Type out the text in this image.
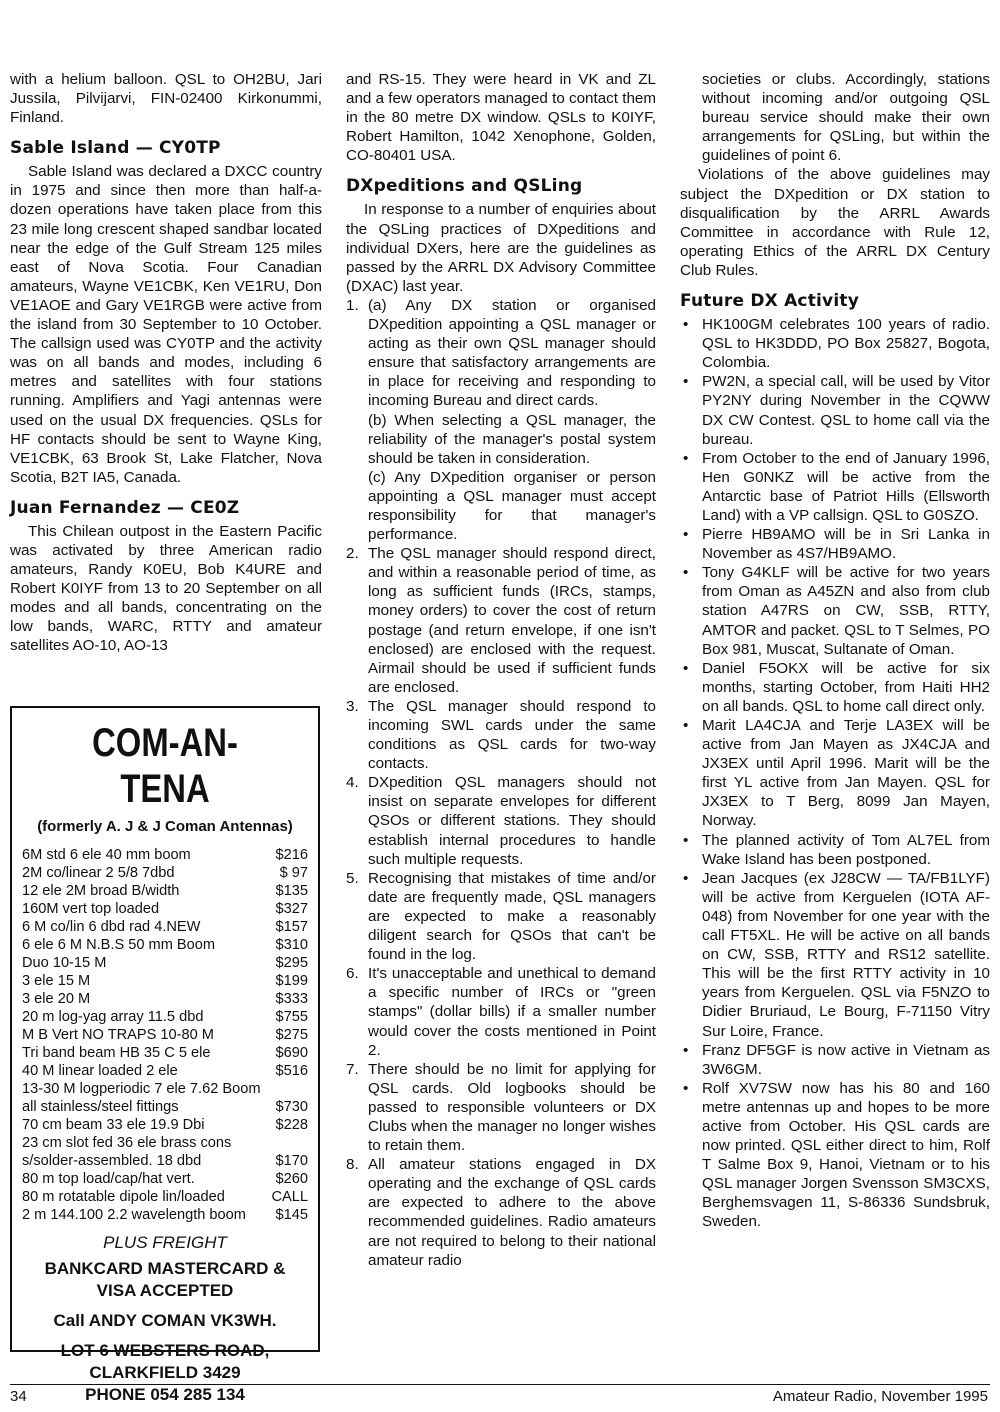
with a helium balloon. QSL to OH2BU, Jari Jussila, Pilvijarvi, FIN-02400 Kirkonummi, Finland.

Sable Island — CY0TP

Sable Island was declared a DXCC country in 1975 and since then more than half-a-dozen operations have taken place from this 23 mile long crescent shaped sandbar located near the edge of the Gulf Stream 125 miles east of Nova Scotia. Four Canadian amateurs, Wayne VE1CBK, Ken VE1RU, Don VE1AOE and Gary VE1RGB were active from the island from 30 September to 10 October. The callsign used was CY0TP and the activity was on all bands and modes, including 6 metres and satellites with four stations running. Amplifiers and Yagi antennas were used on the usual DX frequencies. QSLs for HF contacts should be sent to Wayne King, VE1CBK, 63 Brook St, Lake Flatcher, Nova Scotia, B2T IA5, Canada.

Juan Fernandez — CE0Z

This Chilean outpost in the Eastern Pacific was activated by three American radio amateurs, Randy K0EU, Bob K4URE and Robert K0IYF from 13 to 20 September on all modes and all bands, concentrating on the low bands, WARC, RTTY and amateur satellites AO-10, AO-13

COM-AN-TENA
(formerly A. J & J Coman Antennas)
6M std 6 ele 40 mm boom	$216
2M co/linear 2 5/8 7dbd	$ 97
12 ele 2M broad B/width	$135
160M vert top loaded	$327
6 M co/lin 6 dbd rad 4.NEW	$157
6 ele 6 M N.B.S 50 mm Boom	$310
Duo 10-15 M	$295
3 ele 15 M	$199
3 ele 20 M	$333
20 m log-yag array 11.5 dbd	$755
M B Vert NO TRAPS 10-80 M	$275
Tri band beam HB 35 C 5 ele	$690
40 M linear loaded 2 ele	$516
13-30 M logperiodic 7 ele 7.62 Boom
all stainless/steel fittings	$730
70 cm beam 33 ele 19.9 Dbi	$228
23 cm slot fed 36 ele brass cons
s/solder-assembled. 18 dbd	$170
80 m top load/cap/hat vert.	$260
80 m rotatable dipole lin/loaded	CALL
2 m 144.100 2.2 wavelength boom $145
PLUS FREIGHT
BANKCARD MASTERCARD &
VISA ACCEPTED
Call ANDY COMAN VK3WH.
LOT 6 WEBSTERS ROAD,
CLARKFIELD 3429
PHONE 054 285 134

and RS-15. They were heard in VK and ZL and a few operators managed to contact them in the 80 metre DX window. QSLs to K0IYF, Robert Hamilton, 1042 Xenophone, Golden, CO-80401 USA.

DXpeditions and QSLing

In response to a number of enquiries about the QSLing practices of DXpeditions and individual DXers, here are the guidelines as passed by the ARRL DX Advisory Committee (DXAC) last year.

1. (a) Any DX station or organised DXpedition appointing a QSL manager or acting as their own QSL manager should ensure that satisfactory arrangements are in place for receiving and responding to incoming Bureau and direct cards.

(b) When selecting a QSL manager, the reliability of the manager's postal system should be taken in consideration.

(c) Any DXpedition organiser or person appointing a QSL manager must accept responsibility for that manager's performance.

2. The QSL manager should respond direct, and within a reasonable period of time, as long as sufficient funds (IRCs, stamps, money orders) to cover the cost of return postage (and return envelope, if one isn't enclosed) are enclosed with the request. Airmail should be used if sufficient funds are enclosed.

3. The QSL manager should respond to incoming SWL cards under the same conditions as QSL cards for two-way contacts.

4. DXpedition QSL managers should not insist on separate envelopes for different QSOs or different stations. They should establish internal procedures to handle such multiple requests.

5. Recognising that mistakes of time and/or date are frequently made, QSL managers are expected to make a reasonably diligent search for QSOs that can't be found in the log.

6. It's unacceptable and unethical to demand a specific number of IRCs or "green stamps" (dollar bills) if a smaller number would cover the costs mentioned in Point 2.

7. There should be no limit for applying for QSL cards. Old logbooks should be passed to responsible volunteers or DX Clubs when the manager no longer wishes to retain them.

8. All amateur stations engaged in DX operating and the exchange of QSL cards are expected to adhere to the above recommended guidelines. Radio amateurs are not required to belong to their national amateur radio

societies or clubs. Accordingly, stations without incoming and/or outgoing QSL bureau service should make their own arrangements for QSLing, but within the guidelines of point 6.

Violations of the above guidelines may subject the DXpedition or DX station to disqualification by the ARRL Awards Committee in accordance with Rule 12, operating Ethics of the ARRL DX Century Club Rules.

Future DX Activity
• HK100GM celebrates 100 years of radio. QSL to HK3DDD, PO Box 25827, Bogota, Colombia.
• PW2N, a special call, will be used by Vitor PY2NY during November in the CQWW DX CW Contest. QSL to home call via the bureau.
• From October to the end of January 1996, Hen G0NKZ will be active from the Antarctic base of Patriot Hills (Ellsworth Land) with a VP callsign. QSL to G0SZO.
• Pierre HB9AMO will be in Sri Lanka in November as 4S7/HB9AMO.
• Tony G4KLF will be active for two years from Oman as A45ZN and also from club station A47RS on CW, SSB, RTTY, AMTOR and packet. QSL to T Selmes, PO Box 981, Muscat, Sultanate of Oman.
• Daniel F5OKX will be active for six months, starting October, from Haiti HH2 on all bands. QSL to home call direct only.
• Marit LA4CJA and Terje LA3EX will be active from Jan Mayen as JX4CJA and JX3EX until April 1996. Marit will be the first YL active from Jan Mayen. QSL for JX3EX to T Berg, 8099 Jan Mayen, Norway.
• The planned activity of Tom AL7EL from Wake Island has been postponed.
• Jean Jacques (ex J28CW — TA/FB1LYF) will be active from Kerguelen (IOTA AF-048) from November for one year with the call FT5XL. He will be active on all bands on CW, SSB, RTTY and RS12 satellite. This will be the first RTTY activity in 10 years from Kerguelen. QSL via F5NZO to Didier Bruriaud, Le Bourg, F-71150 Vitry Sur Loire, France.
• Franz DF5GF is now active in Vietnam as 3W6GM.
• Rolf XV7SW now has his 80 and 160 metre antennas up and hopes to be more active from October. His QSL cards are now printed. QSL either direct to him, Rolf T Salme Box 9, Hanoi, Vietnam or to his QSL manager Jorgen Svensson SM3CXS, Berghemsvagen 11, S-86336 Sundsbruk, Sweden.
34	Amateur Radio, November 1995
